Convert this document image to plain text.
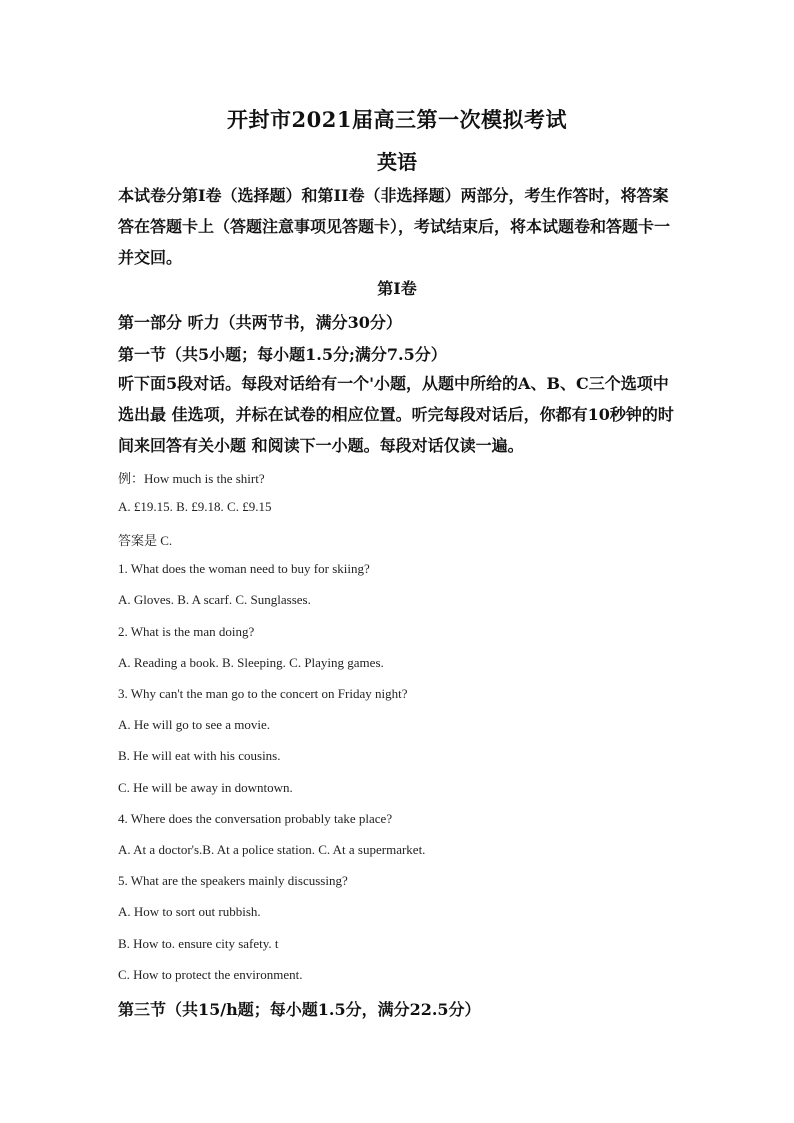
开封市2021届高三第一次模拟考试
英语
本试卷分第I卷（选择题）和第II卷（非选择题）两部分，考生作答时，将答案答在答题卡上（答题注意事项见答题卡），考试结束后，将本试题卷和答题卡一并交回。
第I卷
第一部分 听力（共两节书，满分30分）
第一节（共5小题；每小题1.5分;满分7.5分）
听下面5段对话。每段对话给有一个'小题，从题中所给的A、B、C三个选项中选出最 佳选项，并标在试卷的相应位置。听完每段对话后，你都有10秒钟的时间来回答有关小题 和阅读下一小题。每段对话仅读一遍。
例：How much is the shirt?
A. £19.15. B. £9.18. C. £9.15
答案是 C.
1. What does the woman need to buy for skiing?
A. Gloves. B. A scarf. C. Sunglasses.
2. What is the man doing?
A. Reading a book. B. Sleeping. C. Playing games.
3. Why can't the man go to the concert on Friday night?
A. He will go to see a movie.
B. He will eat with his cousins.
C. He will be away in downtown.
4. Where does the conversation probably take place?
A. At a doctor's.B. At a police station. C. At a supermarket.
5. What are the speakers mainly discussing?
A. How to sort out rubbish.
B. How to. ensure city safety. t
C. How to protect the environment.
第三节（共15/h题；每小题1.5分，满分22.5分）
